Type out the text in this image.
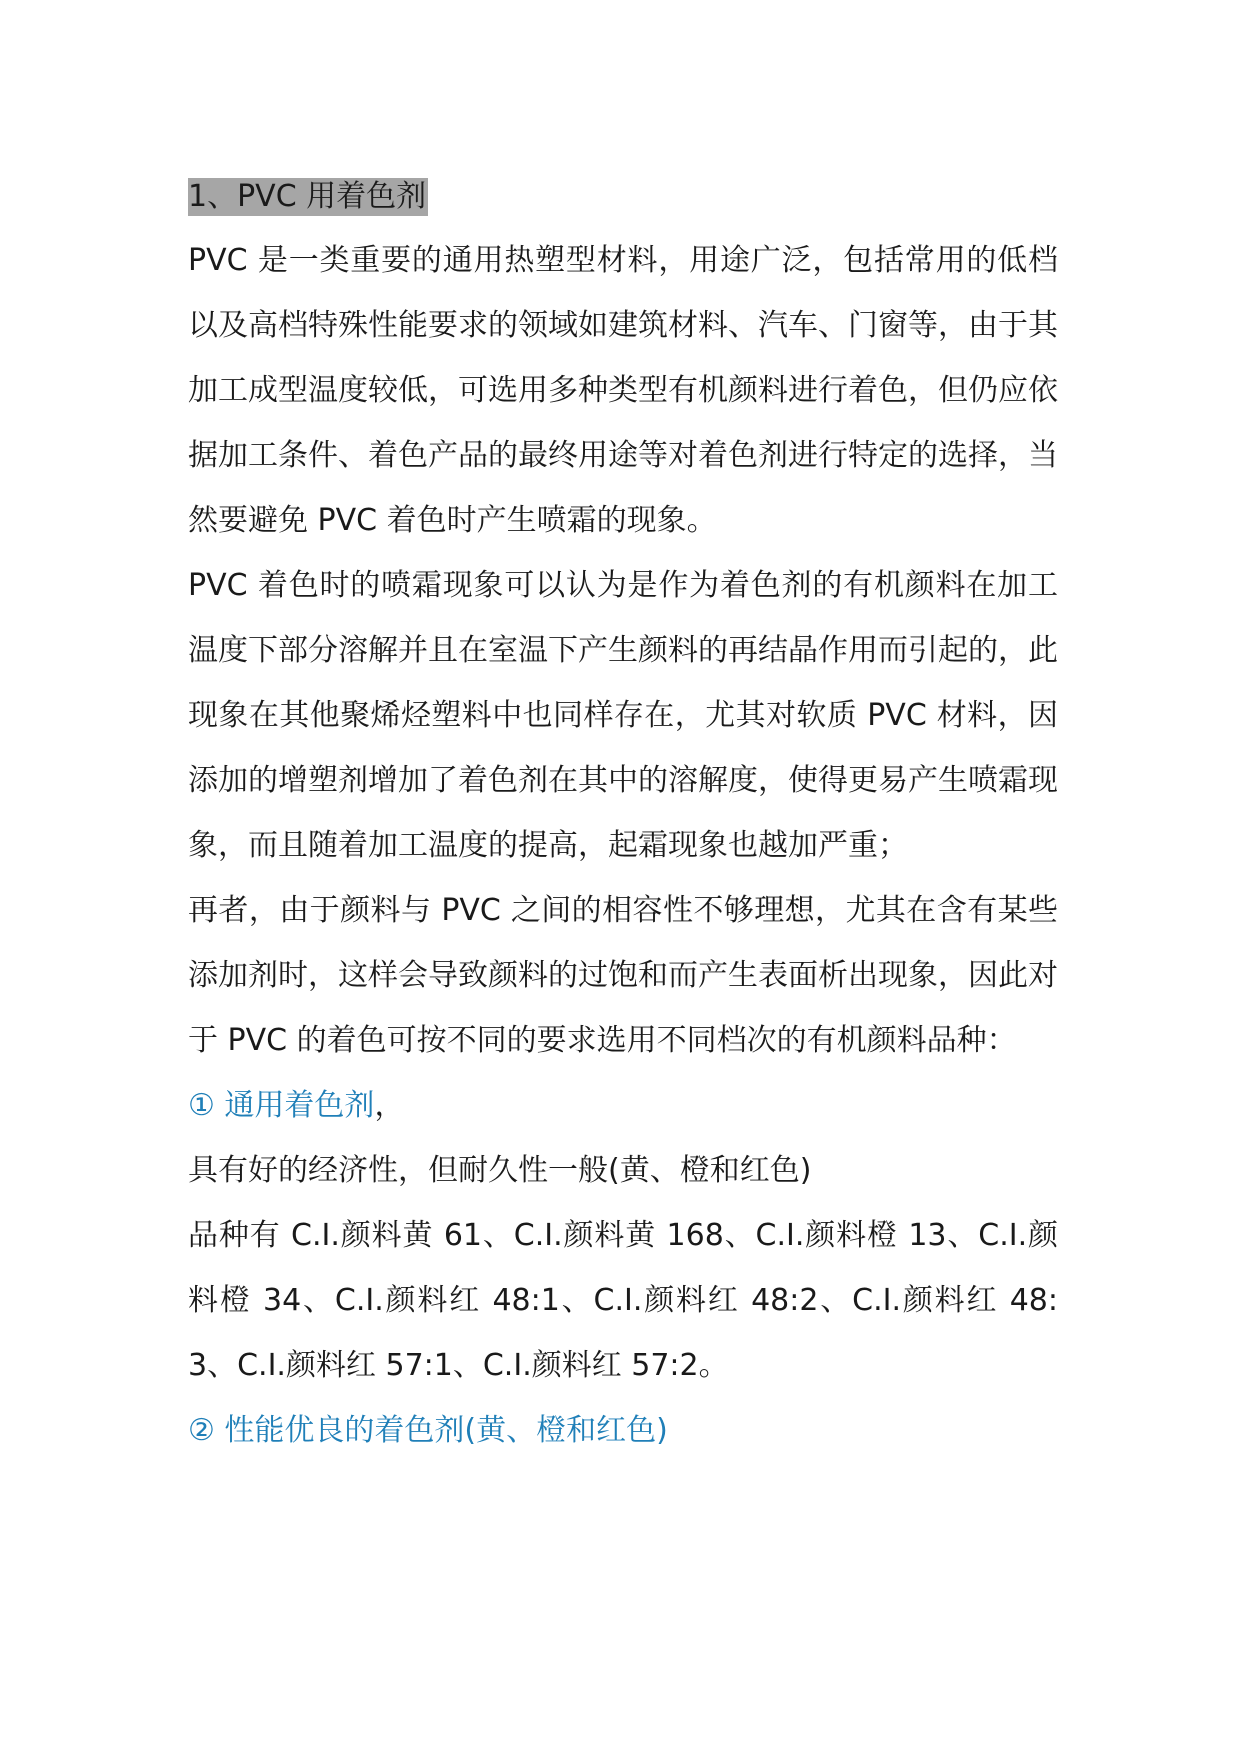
1、PVC 用着色剂

PVC 是一类重要的通用热塑型材料，用途广泛，包括常用的低档以及高档特殊性能要求的领域如建筑材料、汽车、门窗等，由于其加工成型温度较低，可选用多种类型有机颜料进行着色，但仍应依据加工条件、着色产品的最终用途等对着色剂进行特定的选择，当然要避免 PVC 着色时产生喷霜的现象。

PVC 着色时的喷霜现象可以认为是作为着色剂的有机颜料在加工温度下部分溶解并且在室温下产生颜料的再结晶作用而引起的，此现象在其他聚烯烃塑料中也同样存在，尤其对软质 PVC 材料，因添加的增塑剂增加了着色剂在其中的溶解度，使得更易产生喷霜现象，而且随着加工温度的提高，起霜现象也越加严重；

再者，由于颜料与 PVC 之间的相容性不够理想，尤其在含有某些添加剂时，这样会导致颜料的过饱和而产生表面析出现象，因此对于 PVC 的着色可按不同的要求选用不同档次的有机颜料品种：

① 通用着色剂，

具有好的经济性，但耐久性一般(黄、橙和红色)

品种有 C.I.颜料黄 61、C.I.颜料黄 168、C.I.颜料橙 13、C.I.颜料橙 34、C.I.颜料红 48:1、C.I.颜料红 48:2、C.I.颜料红 48:3、C.I.颜料红 57:1、C.I.颜料红 57:2。

② 性能优良的着色剂(黄、橙和红色)
